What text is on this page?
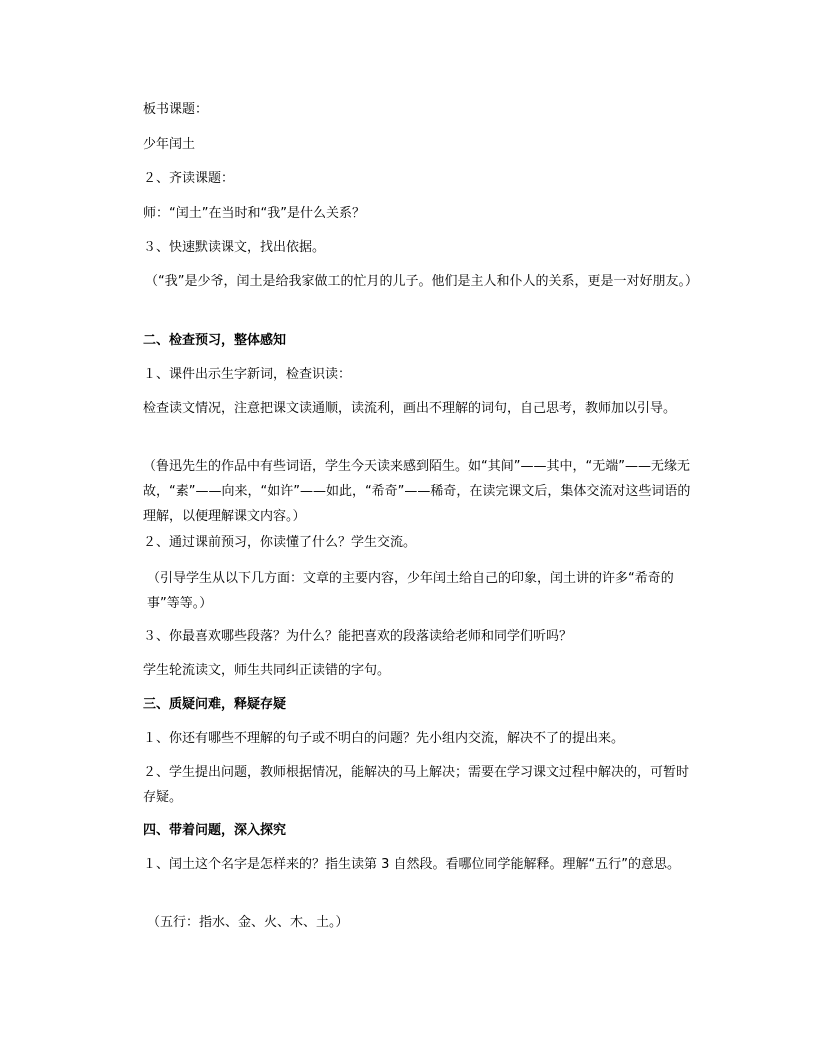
板书课题：
少年闰土
２、齐读课题：
师：“闰土”在当时和“我”是什么关系？
３、快速默读课文，找出依据。
（“我”是少爷，闰土是给我家做工的忙月的儿子。他们是主人和仆人的关系，更是一对好朋友。）
二、检查预习，整体感知
１、课件出示生字新词，检查识读：
检查读文情况，注意把课文读通顺，读流利，画出不理解的词句，自己思考，教师加以引导。
（鲁迅先生的作品中有些词语，学生今天读来感到陌生。如“其间”——其中，“无端”——无缘无故，“素”——向来，“如许”——如此，“希奇”——稀奇，在读完课文后，集体交流对这些词语的理解，以便理解课文内容。）
２、通过课前预习，你读懂了什么？学生交流。
（引导学生从以下几方面：文章的主要内容，少年闰土给自己的印象，闰土讲的许多“希奇的事”等等。）
３、你最喜欢哪些段落？为什么？能把喜欢的段落读给老师和同学们听吗？
学生轮流读文，师生共同纠正读错的字句。
三、质疑问难，释疑存疑
１、你还有哪些不理解的句子或不明白的问题？先小组内交流，解决不了的提出来。
２、学生提出问题，教师根据情况，能解决的马上解决；需要在学习课文过程中解决的，可暂时存疑。
四、带着问题，深入探究
１、闰土这个名字是怎样来的？指生读第 3 自然段。看哪位同学能解释。理解“五行”的意思。
（五行：指水、金、火、木、土。）
